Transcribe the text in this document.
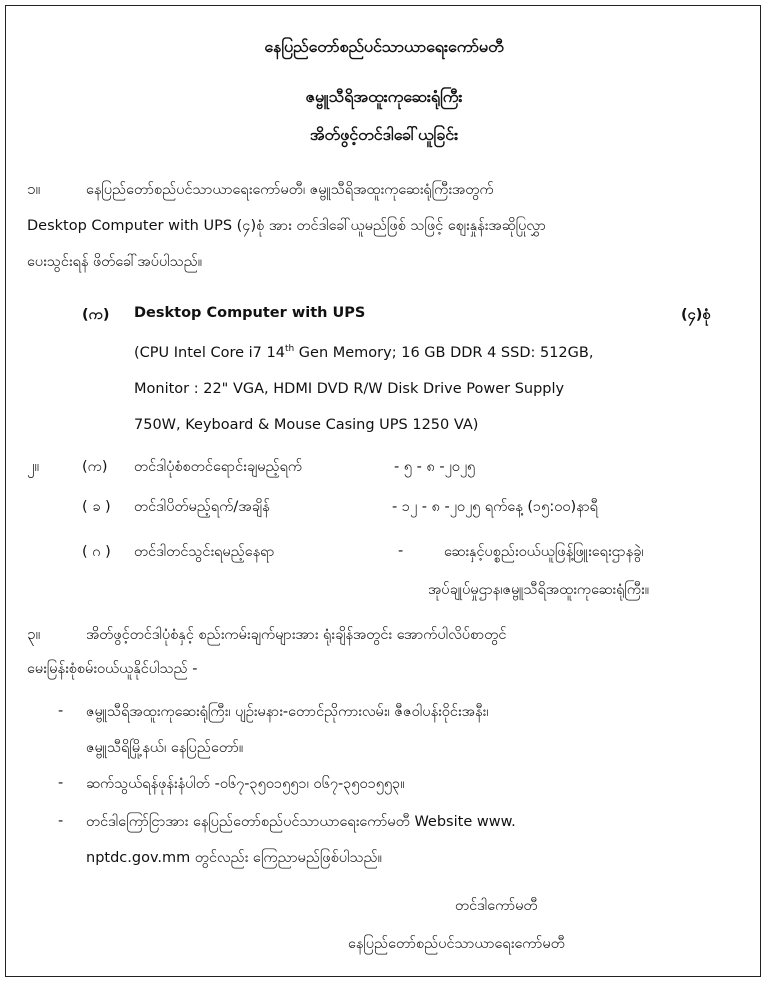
နေပြည်တော်စည်ပင်သာယာရေးကော်မတီ
ဇမ္ဗူသီရိအထူးကုဆေးရုံကြီး
အိတ်ဖွင့်တင်ဒါခေါ်ယူခြင်း
၁။	နေပြည်တော်စည်ပင်သာယာရေးကော်မတီ၊ ဇမ္ဗူသီရိအထူးကုဆေးရုံကြီးအတွက်
Desktop Computer with UPS (၄)စုံ အား တင်ဒါခေါ်ယူမည်ဖြစ် သဖြင့် ဈေးနှုန်းအဆိုပြုလွှာ
ပေးသွင်းရန် ဖိတ်ခေါ်အပ်ပါသည်။
(က) Desktop Computer with UPS	(၄)စုံ
(CPU Intel Core i7 14th Gen Memory; 16 GB DDR 4 SSD: 512GB,
Monitor : 22" VGA, HDMI DVD R/W Disk Drive Power Supply
750W, Keyboard & Mouse Casing UPS 1250 VA)
၂။	(က) တင်ဒါပုံစံစတင်ရောင်းချမည့်ရက်	- ၅ - ၈ -၂၀၂၅
( ခ ) တင်ဒါပိတ်မည့်ရက်/အချိန်	- ၁၂ - ၈ -၂၀၂၅ ရက်နေ့ (၁၅:၀၀)နာရီ
( ဂ ) တင်ဒါတင်သွင်းရမည့်နေရာ	-	ဆေးနှင့်ပစ္စည်းဝယ်ယူဖြန့်ဖြူးရေးဌာနခွဲ၊
အုပ်ချုပ်မှုဌာန၊ဇမ္ဗူသီရိအထူးကုဆေးရုံကြီး။
၃။	အိတ်ဖွင့်တင်ဒါပုံစံနှင့် စည်းကမ်းချက်များအား ရုံးချိန်အတွင်း အောက်ပါလိပ်စာတွင်
မေးမြန်းစုံစမ်းဝယ်ယူနိုင်ပါသည် -
- ဇမ္ဗူသီရိအထူးကုဆေးရုံကြီး၊ ပျဉ်းမနား-တောင်ညိုကားလမ်း၊ ဇီဇဝါပန်းဝိုင်းအနီး၊
ဇမ္ဗူသီရိမြို့နယ်၊ နေပြည်တော်။
- ဆက်သွယ်ရန်ဖုန်းနံပါတ် -၀၆၇-၃၅၀၁၅၅၁၊ ၀၆၇-၃၅၀၁၅၅၃။
- တင်ဒါကြော်ငြာအား နေပြည်တော်စည်ပင်သာယာရေးကော်မတီ Website www.
nptdc.gov.mm တွင်လည်း ကြေညာမည်ဖြစ်ပါသည်။
တင်ဒါကော်မတီ
နေပြည်တော်စည်ပင်သာယာရေးကော်မတီ
